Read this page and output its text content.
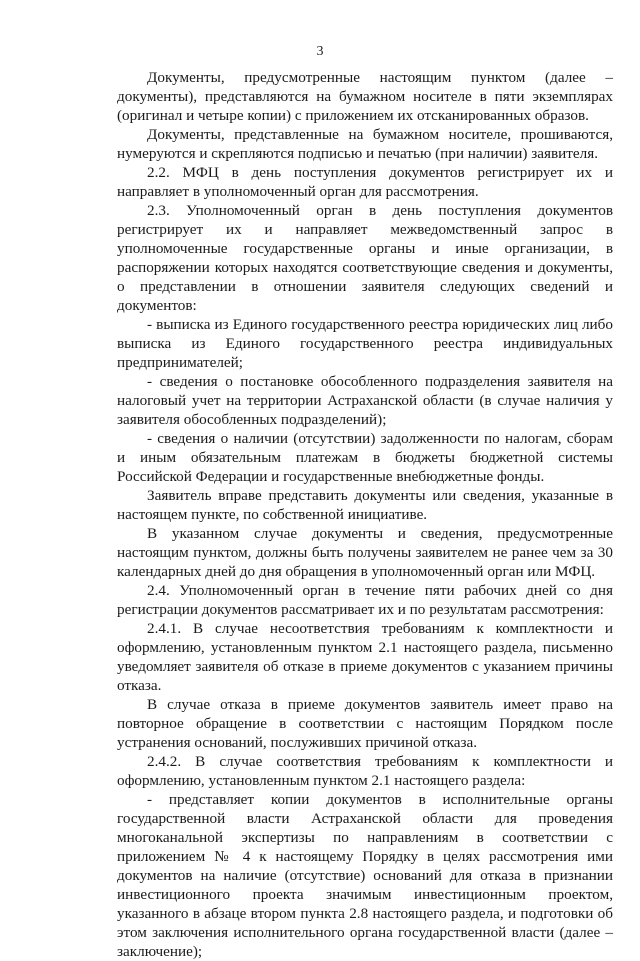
3

Документы, предусмотренные настоящим пунктом (далее – документы), представляются на бумажном носителе в пяти экземплярах (оригинал и четыре копии) с приложением их отсканированных образов.

Документы, представленные на бумажном носителе, прошиваются, нумеруются и скрепляются подписью и печатью (при наличии) заявителя.

2.2. МФЦ в день поступления документов регистрирует их и направляет в уполномоченный орган для рассмотрения.

2.3. Уполномоченный орган в день поступления документов регистрирует их и направляет межведомственный запрос в уполномоченные государственные органы и иные организации, в распоряжении которых находятся соответствующие сведения и документы, о представлении в отношении заявителя следующих сведений и документов:

- выписка из Единого государственного реестра юридических лиц либо выписка из Единого государственного реестра индивидуальных предпринимателей;

- сведения о постановке обособленного подразделения заявителя на налоговый учет на территории Астраханской области (в случае наличия у заявителя обособленных подразделений);

- сведения о наличии (отсутствии) задолженности по налогам, сборам и иным обязательным платежам в бюджеты бюджетной системы Российской Федерации и государственные внебюджетные фонды.

Заявитель вправе представить документы или сведения, указанные в настоящем пункте, по собственной инициативе.

В указанном случае документы и сведения, предусмотренные настоящим пунктом, должны быть получены заявителем не ранее чем за 30 календарных дней до дня обращения в уполномоченный орган или МФЦ.

2.4. Уполномоченный орган в течение пяти рабочих дней со дня регистрации документов рассматривает их и по результатам рассмотрения:

2.4.1. В случае несоответствия требованиям к комплектности и оформлению, установленным пунктом 2.1 настоящего раздела, письменно уведомляет заявителя об отказе в приеме документов с указанием причины отказа.

В случае отказа в приеме документов заявитель имеет право на повторное обращение в соответствии с настоящим Порядком после устранения оснований, послуживших причиной отказа.

2.4.2. В случае соответствия требованиям к комплектности и оформлению, установленным пунктом 2.1 настоящего раздела:

- представляет копии документов в исполнительные органы государственной власти Астраханской области для проведения многоканальной экспертизы по направлениям в соответствии с приложением № 4 к настоящему Порядку в целях рассмотрения ими документов на наличие (отсутствие) оснований для отказа в признании инвестиционного проекта значимым инвестиционным проектом, указанного в абзаце втором пункта 2.8 настоящего раздела, и подготовки об этом заключения исполнительного органа государственной власти (далее – заключение);
